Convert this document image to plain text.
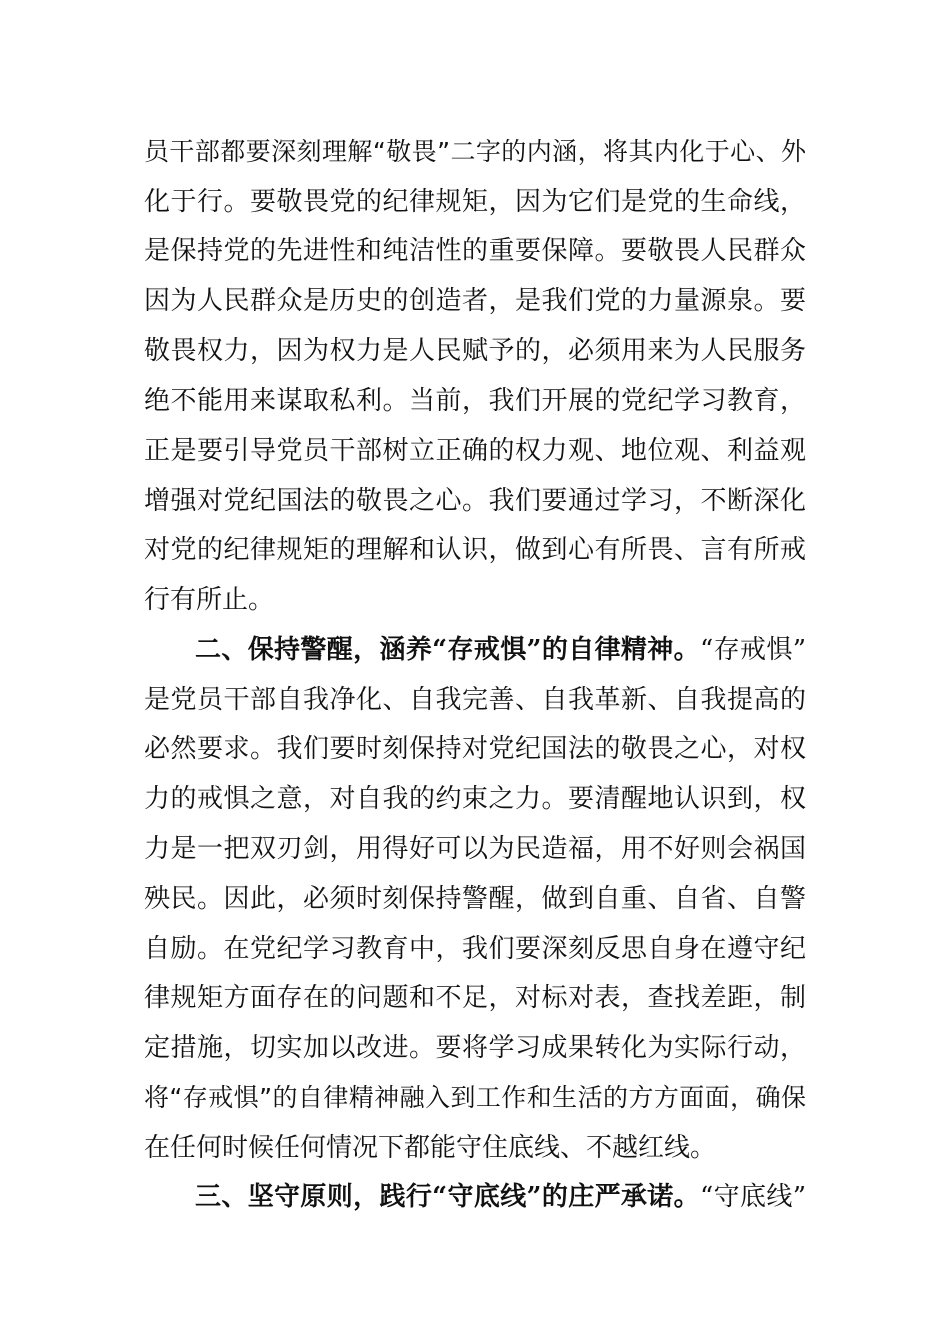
员干部都要深刻理解“敬畏”二字的内涵，将其内化于心、外
化于行。要敬畏党的纪律规矩，因为它们是党的生命线，
是保持党的先进性和纯洁性的重要保障。要敬畏人民群众
因为人民群众是历史的创造者，是我们党的力量源泉。要
敬畏权力，因为权力是人民赋予的，必须用来为人民服务
绝不能用来谋取私利。当前，我们开展的党纪学习教育，
正是要引导党员干部树立正确的权力观、地位观、利益观
增强对党纪国法的敬畏之心。我们要通过学习，不断深化
对党的纪律规矩的理解和认识，做到心有所畏、言有所戒
行有所止。
二、保持警醒，涵养“存戒惧”的自律精神。“存戒惧”
是党员干部自我净化、自我完善、自我革新、自我提高的
必然要求。我们要时刻保持对党纪国法的敬畏之心，对权
力的戒惧之意，对自我的约束之力。要清醒地认识到，权
力是一把双刃剑，用得好可以为民造福，用不好则会祸国
殃民。因此，必须时刻保持警醒，做到自重、自省、自警
自励。在党纪学习教育中，我们要深刻反思自身在遵守纪
律规矩方面存在的问题和不足，对标对表，查找差距，制
定措施，切实加以改进。要将学习成果转化为实际行动，
将“存戒惧”的自律精神融入到工作和生活的方方面面，确保
在任何时候任何情况下都能守住底线、不越红线。
三、坚守原则，践行“守底线”的庄严承诺。“守底线”
